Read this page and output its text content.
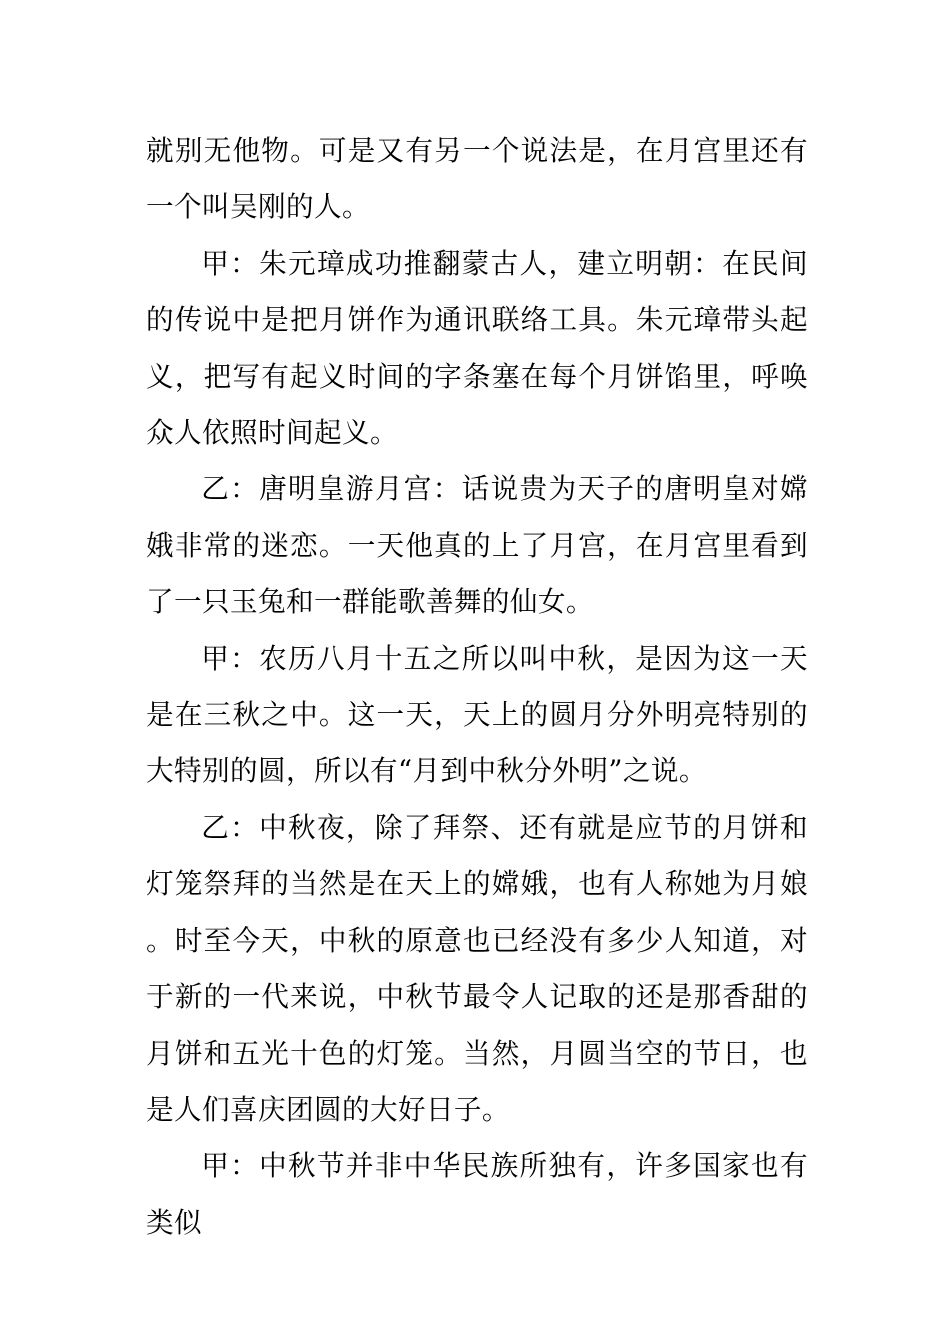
就别无他物。可是又有另一个说法是，在月宫里还有一个叫吴刚的人。

甲：朱元璋成功推翻蒙古人，建立明朝：在民间的传说中是把月饼作为通讯联络工具。朱元璋带头起义，把写有起义时间的字条塞在每个月饼馅里，呼唤众人依照时间起义。

乙：唐明皇游月宫：话说贵为天子的唐明皇对嫦娥非常的迷恋。一天他真的上了月宫，在月宫里看到了一只玉兔和一群能歌善舞的仙女。

甲：农历八月十五之所以叫中秋，是因为这一天是在三秋之中。这一天，天上的圆月分外明亮特别的大特别的圆，所以有“月到中秋分外明”之说。

乙：中秋夜，除了拜祭、还有就是应节的月饼和灯笼祭拜的当然是在天上的嫦娥，也有人称她为月娘。时至今天，中秋的原意也已经没有多少人知道，对于新的一代来说，中秋节最令人记取的还是那香甜的月饼和五光十色的灯笼。当然，月圆当空的节日，也是人们喜庆团圆的大好日子。

甲：中秋节并非中华民族所独有，许多国家也有类似
